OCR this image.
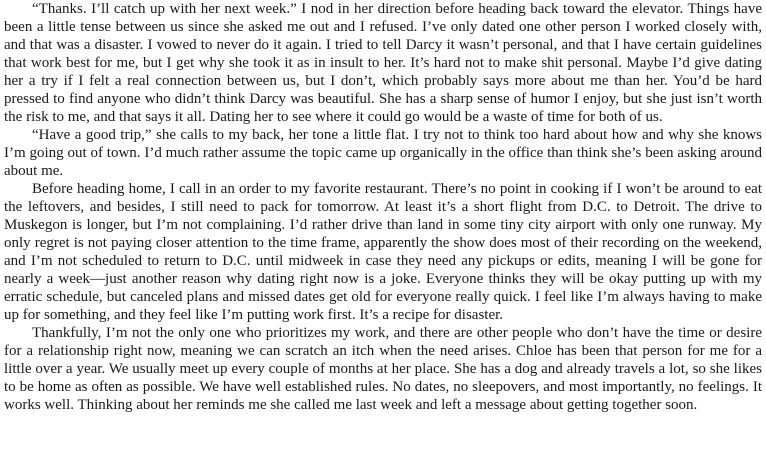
“Thanks. I’ll catch up with her next week.” I nod in her direction before heading back toward the elevator. Things have been a little tense between us since she asked me out and I refused. I’ve only dated one other person I worked closely with, and that was a disaster. I vowed to never do it again. I tried to tell Darcy it wasn’t personal, and that I have certain guidelines that work best for me, but I get why she took it as in insult to her. It’s hard not to make shit personal. Maybe I’d give dating her a try if I felt a real connection between us, but I don’t, which probably says more about me than her. You’d be hard pressed to find anyone who didn’t think Darcy was beautiful. She has a sharp sense of humor I enjoy, but she just isn’t worth the risk to me, and that says it all. Dating her to see where it could go would be a waste of time for both of us.

“Have a good trip,” she calls to my back, her tone a little flat. I try not to think too hard about how and why she knows I’m going out of town. I’d much rather assume the topic came up organically in the office than think she’s been asking around about me.

Before heading home, I call in an order to my favorite restaurant. There’s no point in cooking if I won’t be around to eat the leftovers, and besides, I still need to pack for tomorrow. At least it’s a short flight from D.C. to Detroit. The drive to Muskegon is longer, but I’m not complaining. I’d rather drive than land in some tiny city airport with only one runway. My only regret is not paying closer attention to the time frame, apparently the show does most of their recording on the weekend, and I’m not scheduled to return to D.C. until midweek in case they need any pickups or edits, meaning I will be gone for nearly a week—just another reason why dating right now is a joke. Everyone thinks they will be okay putting up with my erratic schedule, but canceled plans and missed dates get old for everyone really quick. I feel like I’m always having to make up for something, and they feel like I’m putting work first. It’s a recipe for disaster.

Thankfully, I’m not the only one who prioritizes my work, and there are other people who don’t have the time or desire for a relationship right now, meaning we can scratch an itch when the need arises. Chloe has been that person for me for a little over a year. We usually meet up every couple of months at her place. She has a dog and already travels a lot, so she likes to be home as often as possible. We have well established rules. No dates, no sleepovers, and most importantly, no feelings. It works well. Thinking about her reminds me she called me last week and left a message about getting together soon.
